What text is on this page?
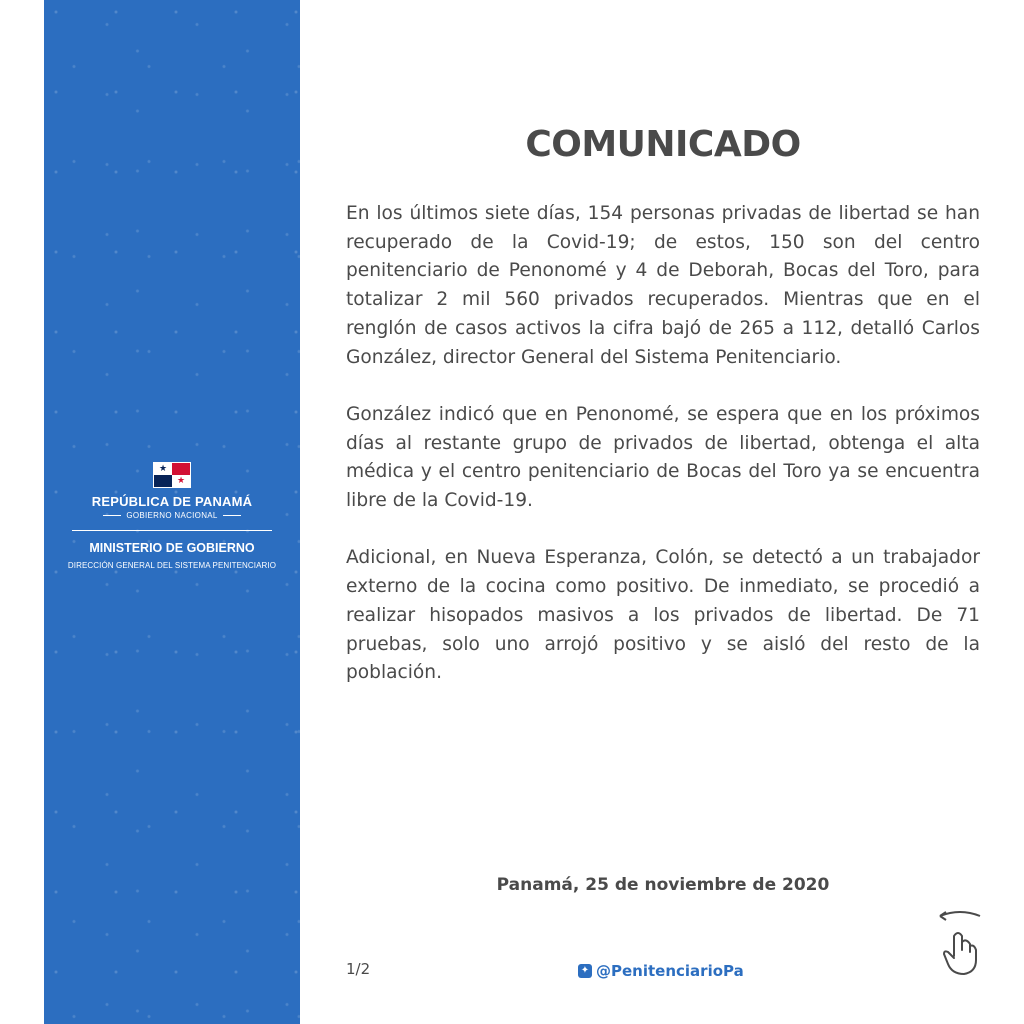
★
★
REPÚBLICA DE PANAMÁ
GOBIERNO NACIONAL
MINISTERIO DE GOBIERNO
DIRECCIÓN GENERAL DEL SISTEMA PENITENCIARIO
COMUNICADO

En los últimos siete días, 154 personas privadas de libertad se han recuperado de la Covid-19; de estos, 150 son del centro penitenciario de Penonomé y 4 de Deborah, Bocas del Toro, para totalizar 2 mil 560 privados recuperados. Mientras que en el renglón de casos activos la cifra bajó de 265 a 112, detalló Carlos González, director General del Sistema Penitenciario.

González indicó que en Penonomé, se espera que en los próximos días al restante grupo de privados de libertad, obtenga el alta médica y el centro penitenciario de Bocas del Toro ya se encuentra libre de la Covid-19.

Adicional, en Nueva Esperanza, Colón, se detectó a un trabajador externo de la cocina como positivo. De inmediato, se procedió a realizar hisopados masivos a los privados de libertad. De 71 pruebas, solo uno arrojó positivo y se aisló del resto de la población.

Panamá, 25 de noviembre de 2020
1/2	✦ @PenitenciarioPa
